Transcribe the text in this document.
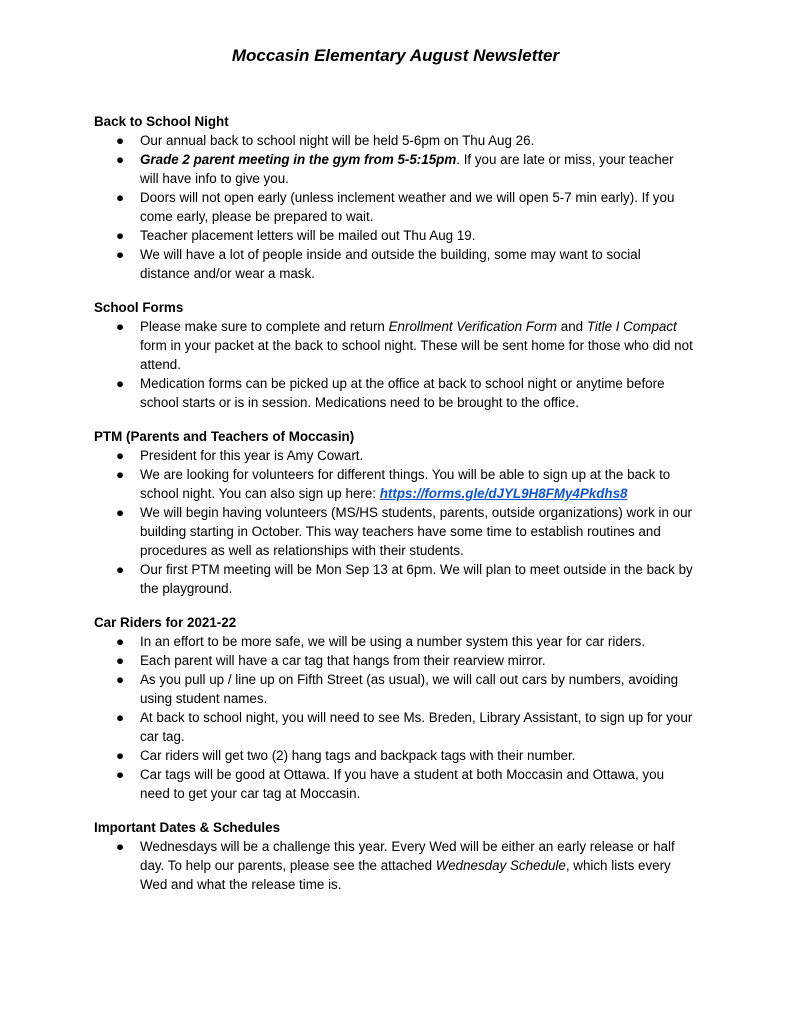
Moccasin Elementary August Newsletter

Back to School Night

● Our annual back to school night will be held 5-6pm on Thu Aug 26.
● Grade 2 parent meeting in the gym from 5-5:15pm. If you are late or miss, your teacher will have info to give you.
● Doors will not open early (unless inclement weather and we will open 5-7 min early). If you come early, please be prepared to wait.
● Teacher placement letters will be mailed out Thu Aug 19.
● We will have a lot of people inside and outside the building, some may want to social distance and/or wear a mask.

School Forms

● Please make sure to complete and return Enrollment Verification Form and Title I Compact form in your packet at the back to school night. These will be sent home for those who did not attend.
● Medication forms can be picked up at the office at back to school night or anytime before school starts or is in session. Medications need to be brought to the office.

PTM (Parents and Teachers of Moccasin)

● President for this year is Amy Cowart.
● We are looking for volunteers for different things. You will be able to sign up at the back to school night. You can also sign up here: https://forms.gle/dJYL9H8FMy4Pkdhs8
● We will begin having volunteers (MS/HS students, parents, outside organizations) work in our building starting in October. This way teachers have some time to establish routines and procedures as well as relationships with their students.
● Our first PTM meeting will be Mon Sep 13 at 6pm. We will plan to meet outside in the back by the playground.

Car Riders for 2021-22

● In an effort to be more safe, we will be using a number system this year for car riders.
● Each parent will have a car tag that hangs from their rearview mirror.
● As you pull up / line up on Fifth Street (as usual), we will call out cars by numbers, avoiding using student names.
● At back to school night, you will need to see Ms. Breden, Library Assistant, to sign up for your car tag.
● Car riders will get two (2) hang tags and backpack tags with their number.
● Car tags will be good at Ottawa. If you have a student at both Moccasin and Ottawa, you need to get your car tag at Moccasin.

Important Dates & Schedules

● Wednesdays will be a challenge this year. Every Wed will be either an early release or half day. To help our parents, please see the attached Wednesday Schedule, which lists every Wed and what the release time is.
